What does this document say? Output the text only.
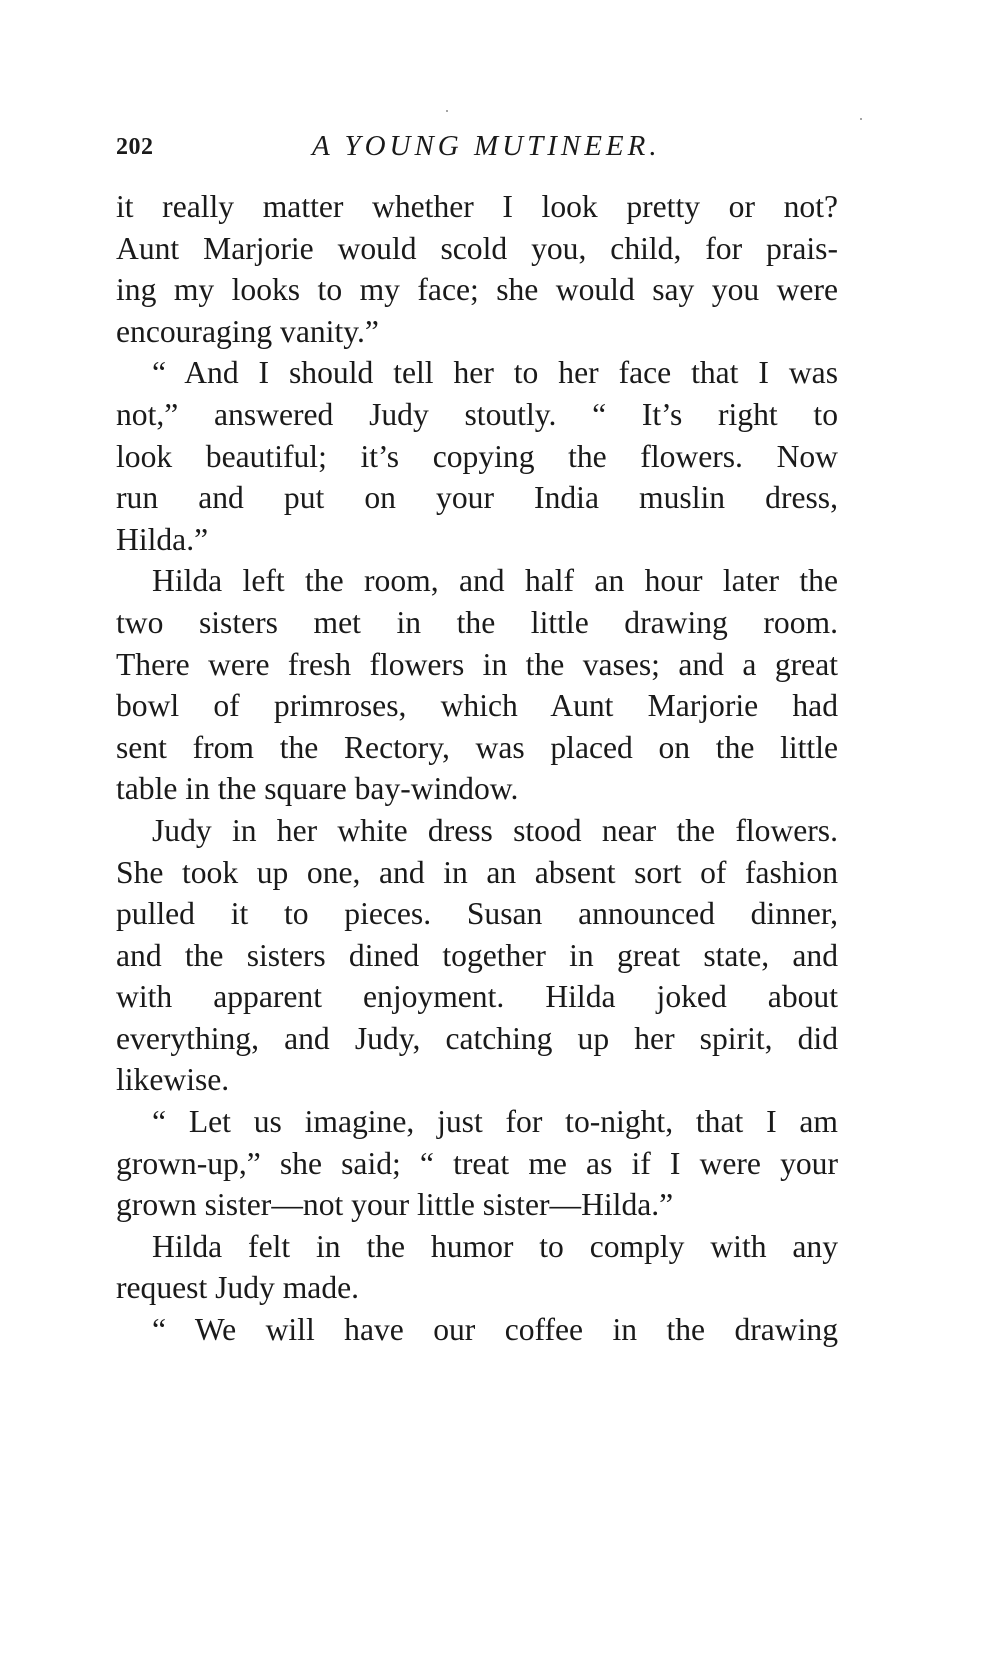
202	A YOUNG MUTINEER.
it really matter whether I look pretty or not?
Aunt Marjorie would scold you, child, for prais-
ing my looks to my face; she would say you were
encouraging vanity.”
“ And I should tell her to her face that I was
not,” answered Judy stoutly. “ It’s right to
look beautiful; it’s copying the flowers. Now
run and put on your India muslin dress,
Hilda.”
Hilda left the room, and half an hour later the
two sisters met in the little drawing room.
There were fresh flowers in the vases; and a great
bowl of primroses, which Aunt Marjorie had
sent from the Rectory, was placed on the little
table in the square bay-window.
Judy in her white dress stood near the flowers.
She took up one, and in an absent sort of fashion
pulled it to pieces. Susan announced dinner,
and the sisters dined together in great state, and
with apparent enjoyment. Hilda joked about
everything, and Judy, catching up her spirit, did
likewise.
“ Let us imagine, just for to-night, that I am
grown-up,” she said; “ treat me as if I were your
grown sister—not your little sister—Hilda.”
Hilda felt in the humor to comply with any
request Judy made.
“ We will have our coffee in the drawing
